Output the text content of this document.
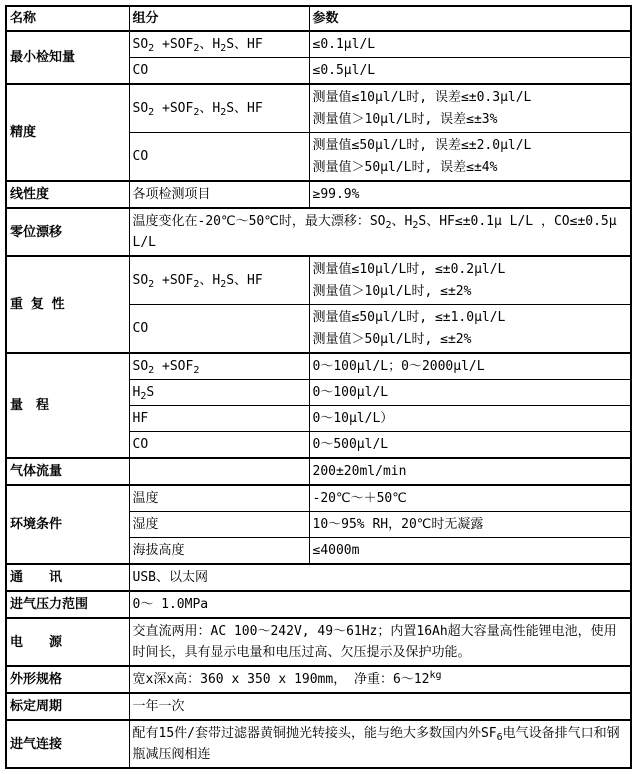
名称	组分	参数
最小检知量	$SO_2 +SOF_2$、$H_2S$、HF	≤0.1μl/L

	CO	≤0.5μl/L

精度	$SO_2 +SOF_2$、$H_2S$、HF	测量值≤10μl/L时, 误差≤±0.3μl/L
测量值＞10μl/L时, 误差≤±3%

	CO	测量值≤50μl/L时, 误差≤±2.0μl/L
测量值＞50μl/L时, 误差≤±4%

线性度	各项检测项目	≥99.9%

零位漂移	温度变化在-20℃～50℃时，最大漂移：$SO_2$、$H_2S$、HF≤±0.1μ L/L ，CO≤±0.5μ L/L	

重 复 性	$SO_2 +SOF_2$、$H_2S$、HF	测量值≤10μl/L时, ≤±0.2μl/L
测量值＞10μl/L时, ≤±2%

	CO	测量值≤50μl/L时, ≤±1.0μl/L
测量值＞50μl/L时, ≤±2%

量　程	$SO_2 +SOF_2$	0～100μl/L；0～2000μl/L

	$H_2S$	0～100μl/L

	HF	0～10μl/L）

	CO	0～500μl/L

气体流量		200±20ml/min

环境条件	温度	-20℃～＋50℃

	湿度	10～95% RH，20℃时无凝露

	海拔高度	≤4000m

通　　讯	USB、以太网	

进气压力范围	0～ 1.0MPa	

电　　源	交直流两用：AC 100～242V, 49～61Hz；内置16Ah超大容量高性能锂电池，使用时间长，具有显示电量和电压过高、欠压提示及保护功能。	

外形规格	宽x深x高：360 x 350 x 190mm， 净重：$6\sim 12^{kg}$

标定周期	一年一次	

进气连接	配有15件/套带过滤器黄铜抛光转接头，能与绝大多数国内外$SF_6$电气设备排气口和钢瓶减压阀相连	
